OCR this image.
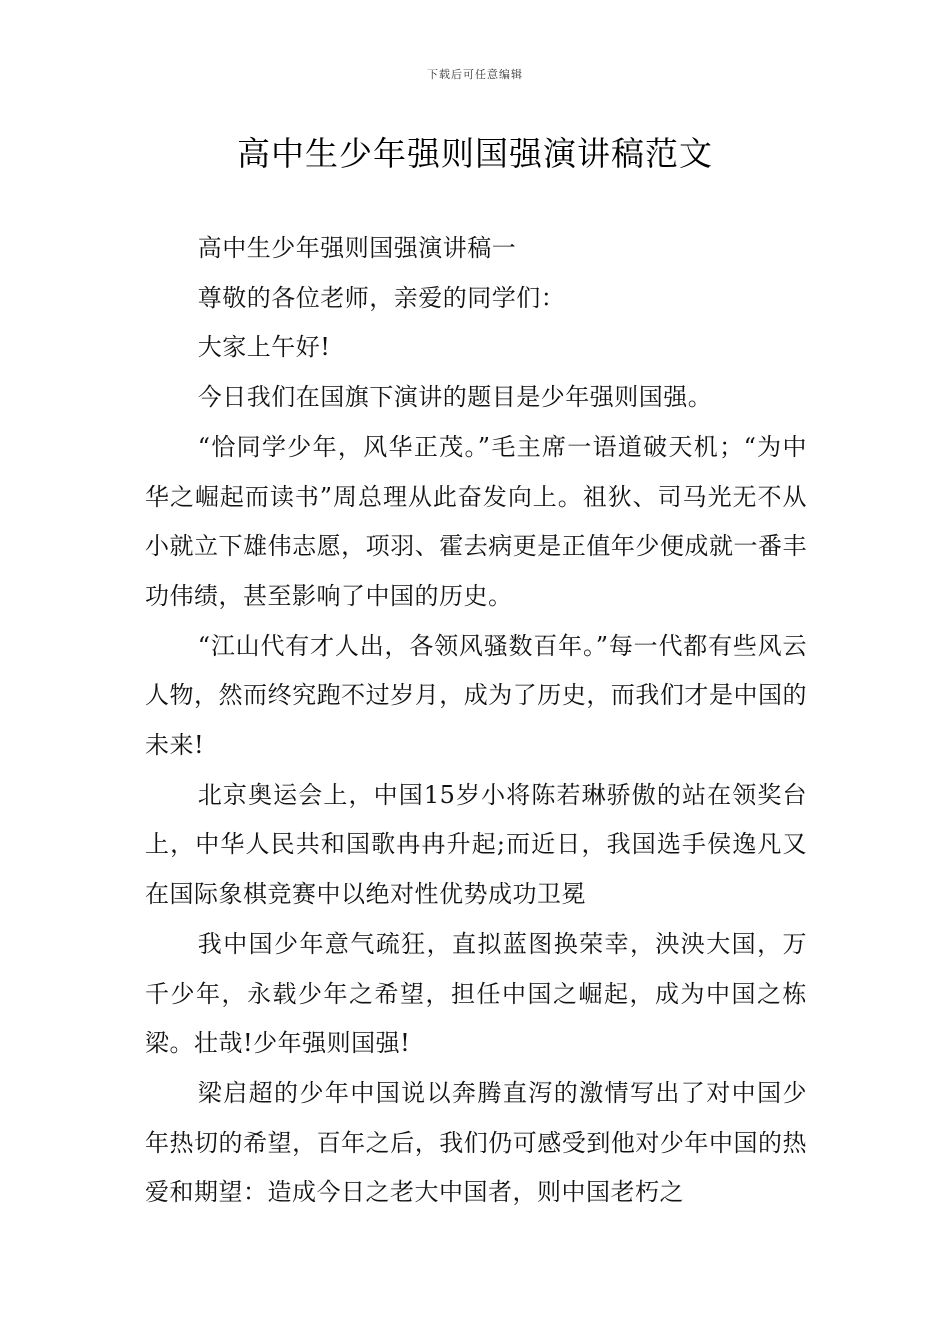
下载后可任意编辑
高中生少年强则国强演讲稿范文

高中生少年强则国强演讲稿一

尊敬的各位老师，亲爱的同学们：

大家上午好!

今日我们在国旗下演讲的题目是少年强则国强。

“恰同学少年，风华正茂。”毛主席一语道破天机；“为中华之崛起而读书”周总理从此奋发向上。祖狄、司马光无不从小就立下雄伟志愿，项羽、霍去病更是正值年少便成就一番丰功伟绩，甚至影响了中国的历史。

“江山代有才人出，各领风骚数百年。”每一代都有些风云人物，然而终究跑不过岁月，成为了历史，而我们才是中国的未来!

北京奥运会上，中国15岁小将陈若琳骄傲的站在领奖台上，中华人民共和国歌冉冉升起;而近日，我国选手侯逸凡又在国际象棋竞赛中以绝对性优势成功卫冕

我中国少年意气疏狂，直拟蓝图换荣幸，泱泱大国，万千少年，永载少年之希望，担任中国之崛起，成为中国之栋梁。壮哉!少年强则国强!

梁启超的少年中国说以奔腾直泻的激情写出了对中国少年热切的希望，百年之后，我们仍可感受到他对少年中国的热爱和期望：造成今日之老大中国者，则中国老朽之
